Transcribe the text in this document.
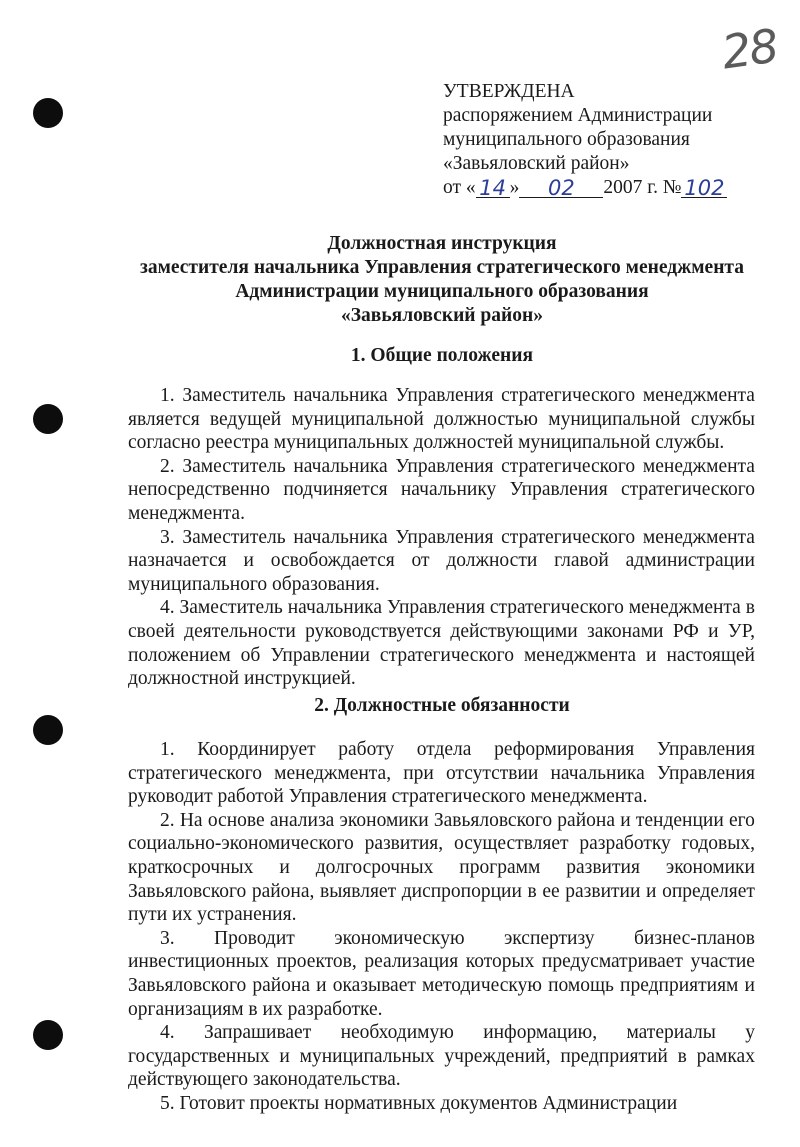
28
УТВЕРЖДЕНА
распоряжением Администрации
муниципального образования
«Завьяловский район»
от « 14 » 02 2007 г. № 102
Должностная инструкция
заместителя начальника Управления стратегического менеджмента
Администрации муниципального образования
«Завьяловский район»
1. Общие положения
1. Заместитель начальника Управления стратегического менеджмента
является ведущей муниципальной должностью муниципальной службы
согласно реестра муниципальных должностей муниципальной службы.
2. Заместитель начальника Управления стратегического менеджмента
непосредственно подчиняется начальнику Управления стратегического
менеджмента.
3. Заместитель начальника Управления стратегического менеджмента
назначается и освобождается от должности главой администрации
муниципального образования.
4. Заместитель начальника Управления стратегического менеджмента в
своей деятельности руководствуется действующими законами РФ и УР,
положением об Управлении стратегического менеджмента и настоящей
должностной инструкцией.
2. Должностные обязанности
1. Координирует работу отдела реформирования Управления
стратегического менеджмента, при отсутствии начальника Управления
руководит работой Управления стратегического менеджмента.
2. На основе анализа экономики Завьяловского района и тенденции его
социально-экономического развития, осуществляет разработку годовых,
краткосрочных и долгосрочных программ развития экономики
Завьяловского района, выявляет диспропорции в ее развитии и определяет
пути их устранения.
3. Проводит экономическую экспертизу бизнес-планов
инвестиционных проектов, реализация которых предусматривает участие
Завьяловского района и оказывает методическую помощь предприятиям и
организациям в их разработке.
4. Запрашивает необходимую информацию, материалы у
государственных и муниципальных учреждений, предприятий в рамках
действующего законодательства.
5. Готовит проекты нормативных документов Администрации
